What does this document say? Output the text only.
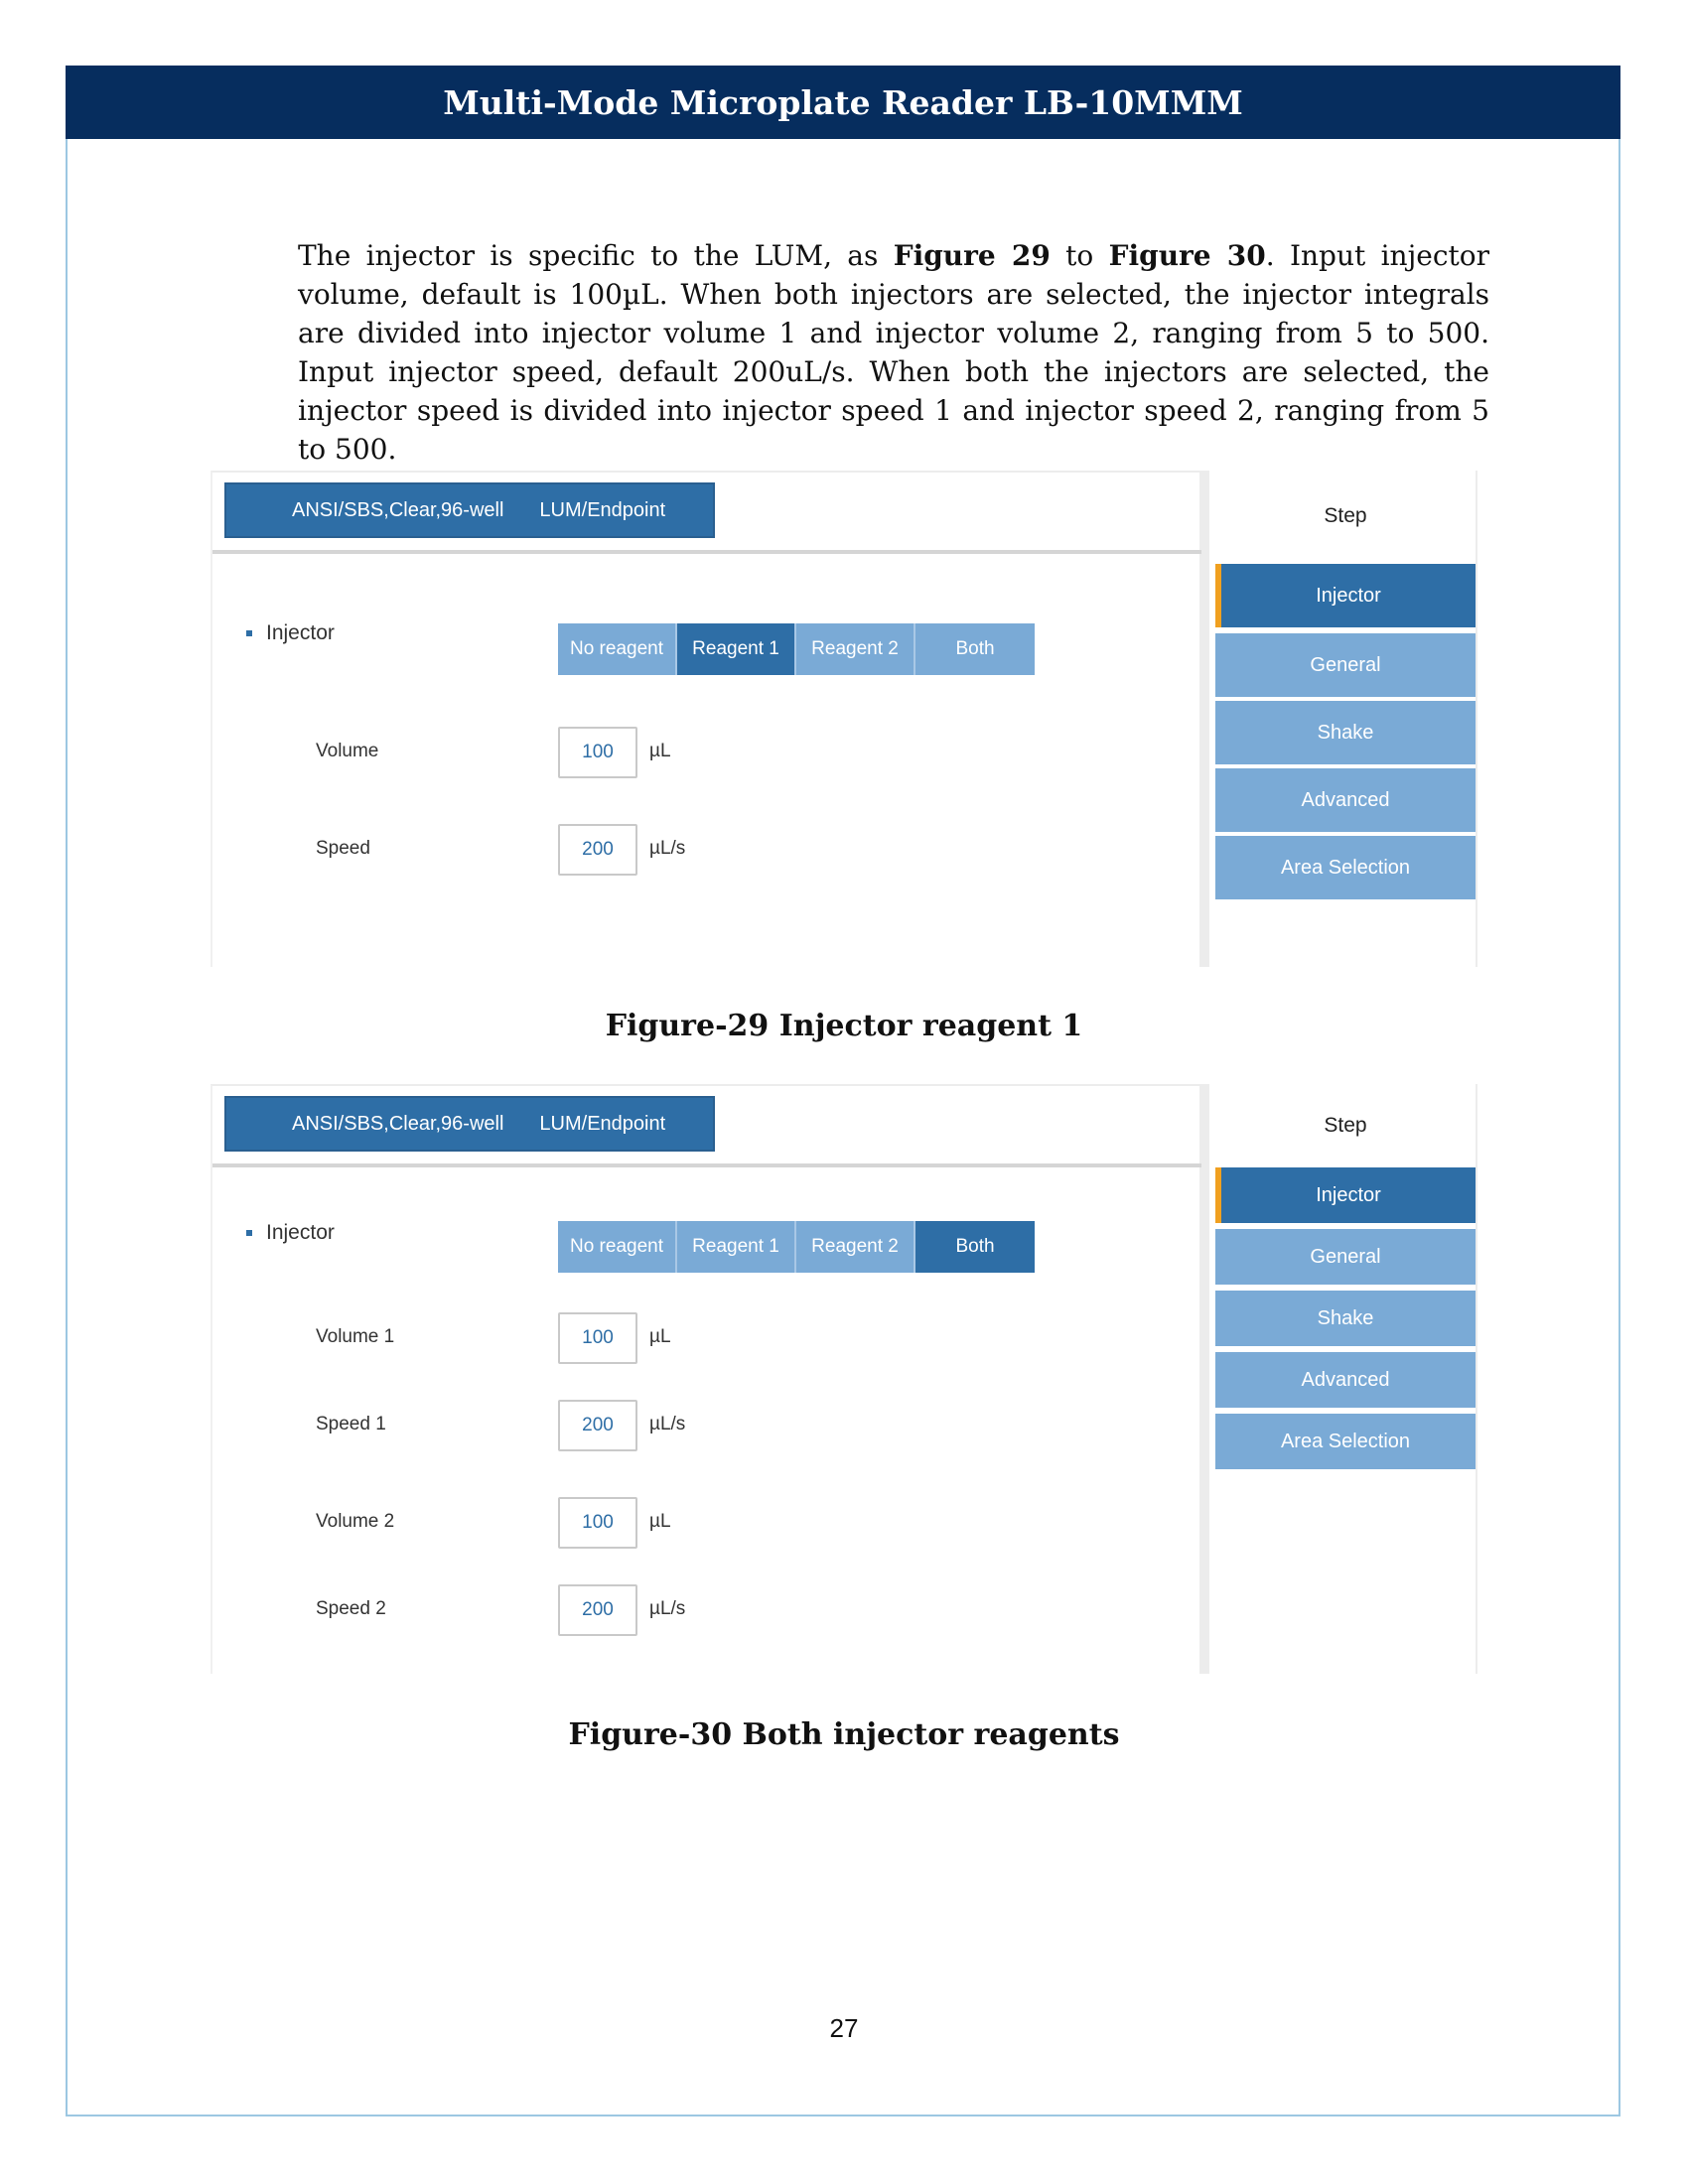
Multi-Mode Microplate Reader LB-10MMM

The injector is specific to the LUM, as Figure 29 to Figure 30. Input injector volume, default is 100µL. When both injectors are selected, the injector integrals are divided into injector volume 1 and injector volume 2, ranging from 5 to 500. Input injector speed, default 200uL/s. When both the injectors are selected, the injector speed is divided into injector speed 1 and injector speed 2, ranging from 5 to 500.

ANSI/SBS,Clear,96-well LUM/Endpoint
Injector
No reagent	Reagent 1	Reagent 2	Both
Volume	100	µL
Speed	200	µL/s
Step
Injector
General
Shake
Advanced
Area Selection
Figure-29 Injector reagent 1
ANSI/SBS,Clear,96-well LUM/Endpoint
Injector
No reagent	Reagent 1	Reagent 2	Both
Volume 1	100	µL
Speed 1	200	µL/s
Volume 2	100	µL
Speed 2	200	µL/s
Step
Injector
General
Shake
Advanced
Area Selection
Figure-30 Both injector reagents
27
